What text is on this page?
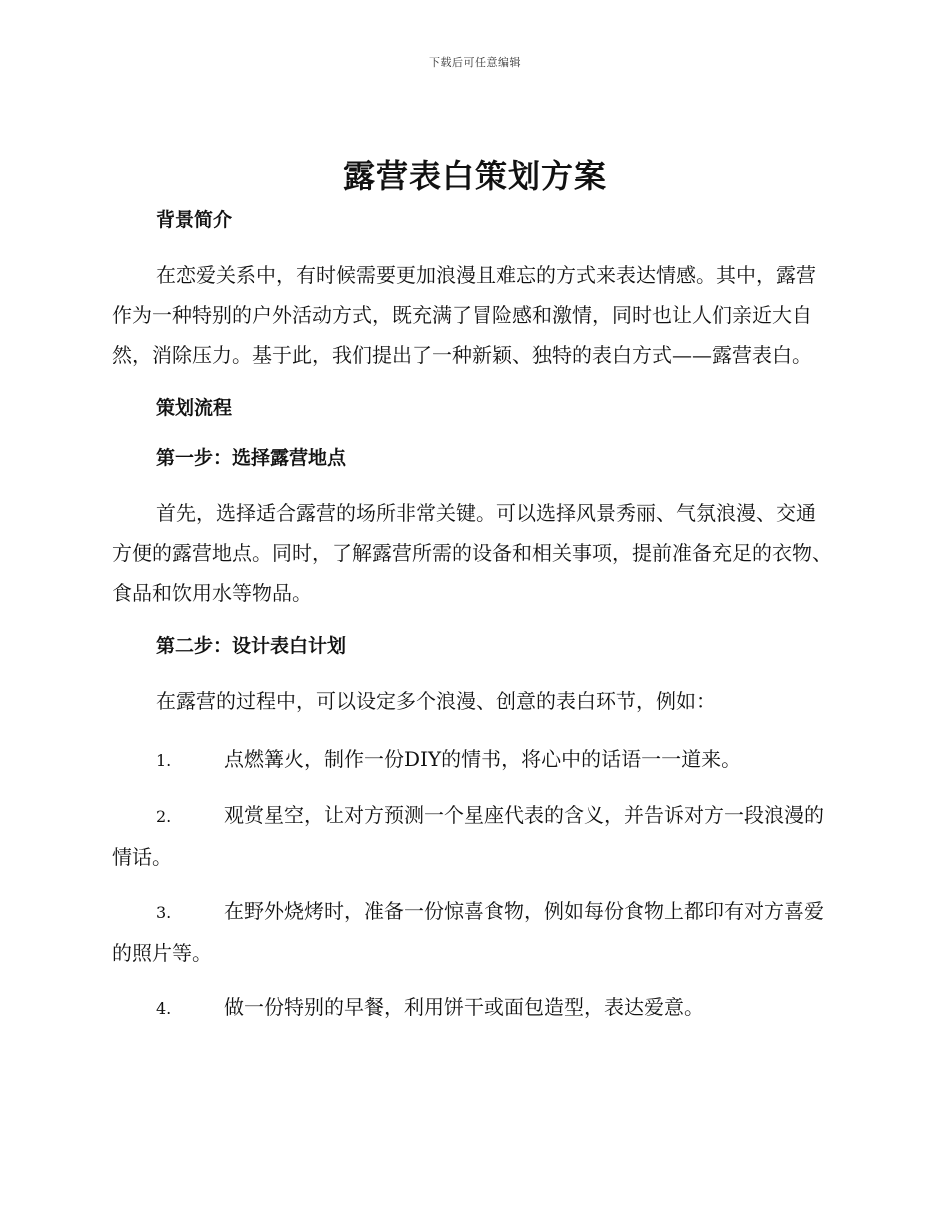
下载后可任意编辑
露营表白策划方案

背景简介

在恋爱关系中，有时候需要更加浪漫且难忘的方式来表达情感。其中，露营作为一种特别的户外活动方式，既充满了冒险感和激情，同时也让人们亲近大自然，消除压力。基于此，我们提出了一种新颖、独特的表白方式——露营表白。

策划流程

第一步：选择露营地点

首先，选择适合露营的场所非常关键。可以选择风景秀丽、气氛浪漫、交通方便的露营地点。同时，了解露营所需的设备和相关事项，提前准备充足的衣物、食品和饮用水等物品。

第二步：设计表白计划

在露营的过程中，可以设定多个浪漫、创意的表白环节，例如：

1.	点燃篝火，制作一份DIY的情书，将心中的话语一一道来。
2.	观赏星空，让对方预测一个星座代表的含义，并告诉对方一段浪漫的情话。
3.	在野外烧烤时，准备一份惊喜食物，例如每份食物上都印有对方喜爱的照片等。
4.	做一份特别的早餐，利用饼干或面包造型，表达爱意。
